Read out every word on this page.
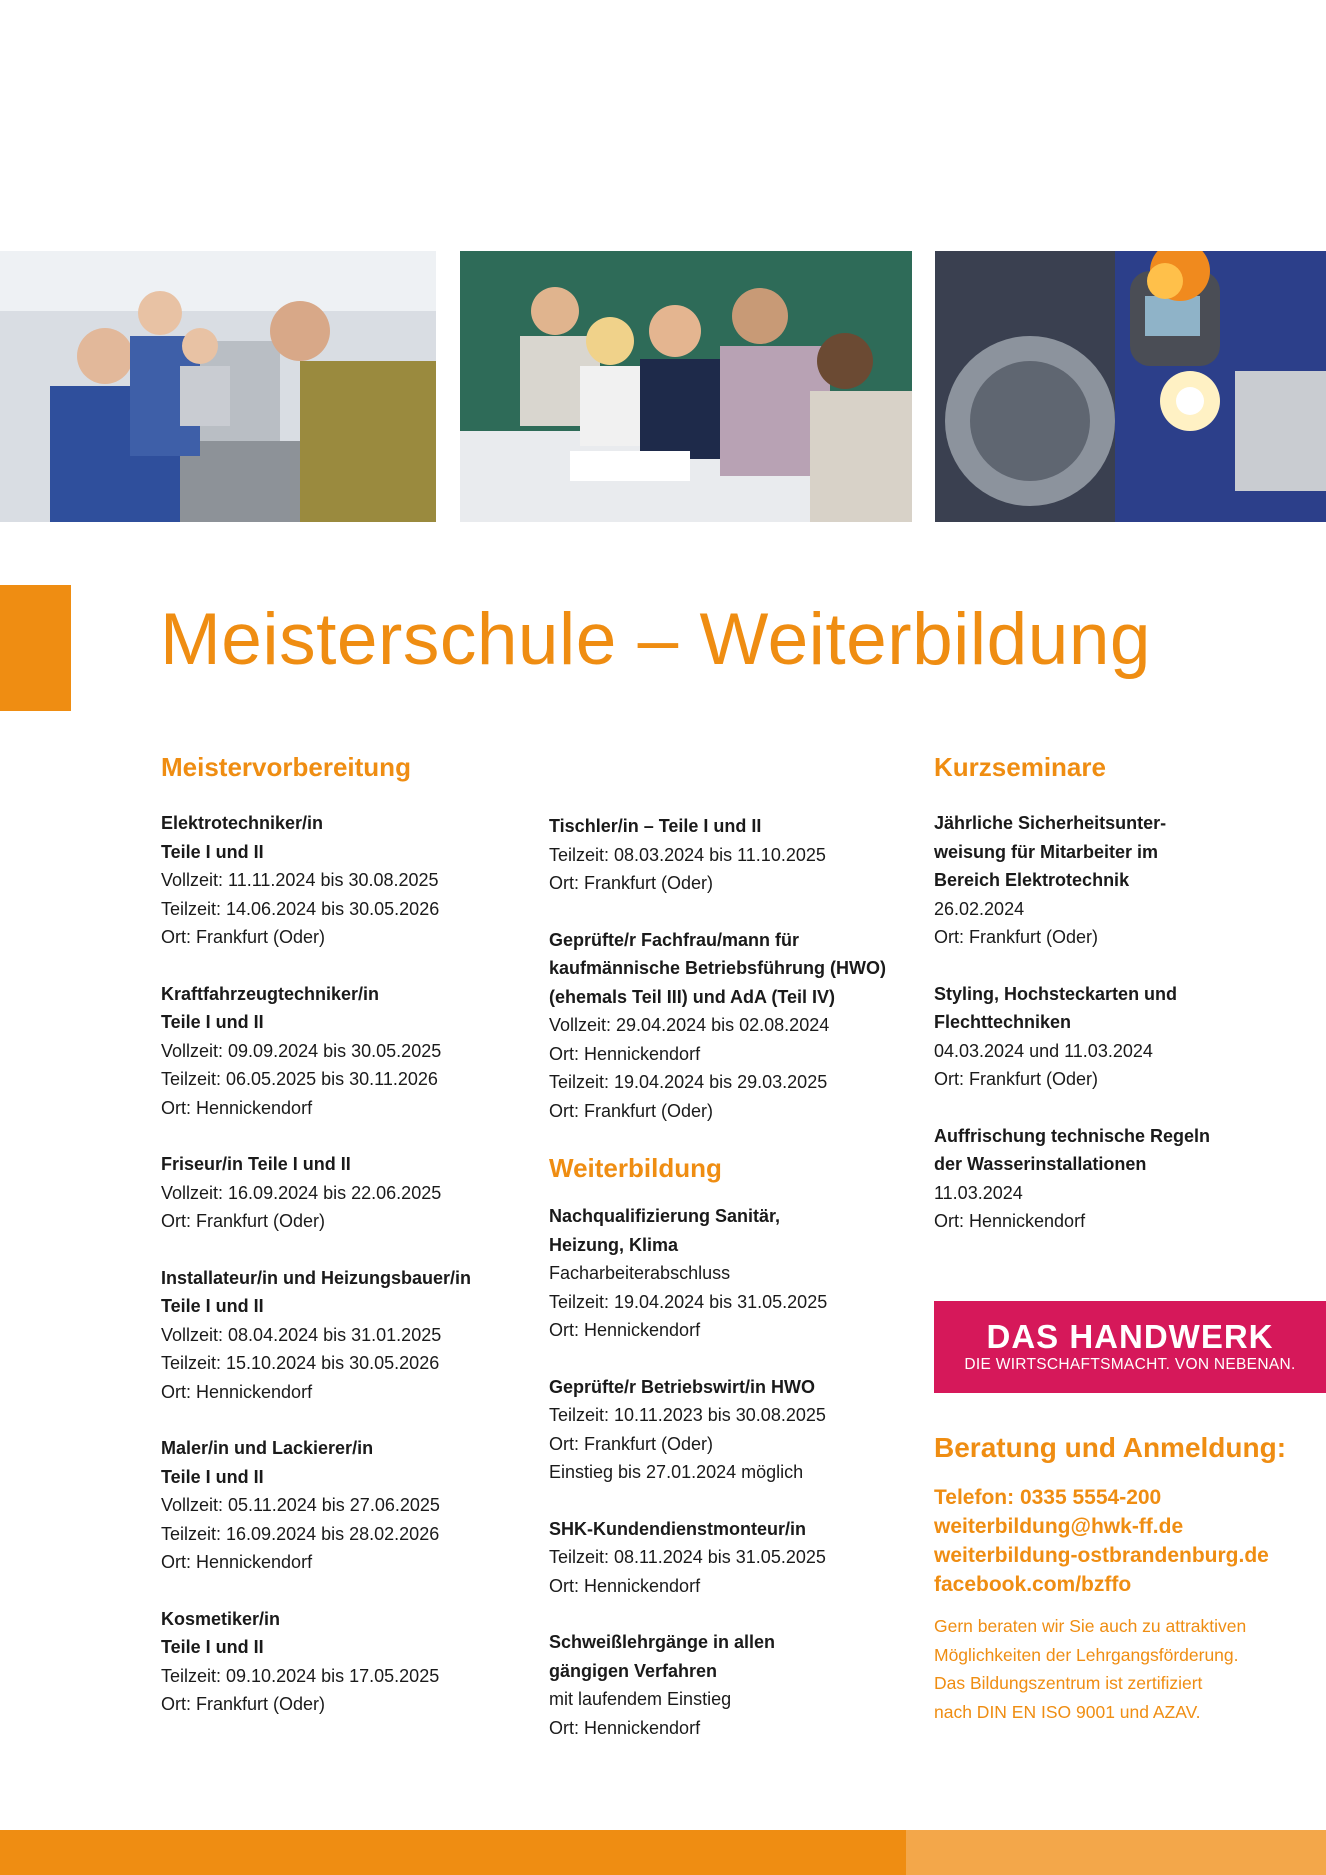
Meisterschule – Weiterbildung
Meistervorbereitung
Elektrotechniker/in
Teile I und II
Vollzeit: 11.11.2024 bis 30.08.2025
Teilzeit: 14.06.2024 bis 30.05.2026
Ort: Frankfurt (Oder)
Kraftfahrzeugtechniker/in
Teile I und II
Vollzeit: 09.09.2024 bis 30.05.2025
Teilzeit: 06.05.2025 bis 30.11.2026
Ort: Hennickendorf
Friseur/in Teile I und II
Vollzeit: 16.09.2024 bis 22.06.2025
Ort: Frankfurt (Oder)
Installateur/in und Heizungsbauer/in
Teile I und II
Vollzeit: 08.04.2024 bis 31.01.2025
Teilzeit: 15.10.2024 bis 30.05.2026
Ort: Hennickendorf
Maler/in und Lackierer/in
Teile I und II
Vollzeit: 05.11.2024 bis 27.06.2025
Teilzeit: 16.09.2024 bis 28.02.2026
Ort: Hennickendorf
Kosmetiker/in
Teile I und II
Teilzeit: 09.10.2024 bis 17.05.2025
Ort: Frankfurt (Oder)
Tischler/in – Teile I und II
Teilzeit: 08.03.2024 bis 11.10.2025
Ort: Frankfurt (Oder)
Geprüfte/r Fachfrau/mann für
kaufmännische Betriebsführung (HWO)
(ehemals Teil III) und AdA (Teil IV)
Vollzeit: 29.04.2024 bis 02.08.2024
Ort: Hennickendorf
Teilzeit: 19.04.2024 bis 29.03.2025
Ort: Frankfurt (Oder)
Weiterbildung
Nachqualifizierung Sanitär,
Heizung, Klima
Facharbeiterabschluss
Teilzeit: 19.04.2024 bis 31.05.2025
Ort: Hennickendorf
Geprüfte/r Betriebswirt/in HWO
Teilzeit: 10.11.2023 bis 30.08.2025
Ort: Frankfurt (Oder)
Einstieg bis 27.01.2024 möglich
SHK-Kundendienstmonteur/in
Teilzeit: 08.11.2024 bis 31.05.2025
Ort: Hennickendorf
Schweißlehrgänge in allen
gängigen Verfahren
mit laufendem Einstieg
Ort: Hennickendorf
Kurzseminare
Jährliche Sicherheitsunter-
weisung für Mitarbeiter im
Bereich Elektrotechnik
26.02.2024
Ort: Frankfurt (Oder)
Styling, Hochsteckarten und
Flechttechniken
04.03.2024 und 11.03.2024
Ort: Frankfurt (Oder)
Auffrischung technische Regeln
der Wasserinstallationen
11.03.2024
Ort: Hennickendorf
DAS HANDWERK
DIE WIRTSCHAFTSMACHT. VON NEBENAN.
Beratung und Anmeldung:
Telefon: 0335 5554-200
weiterbildung@hwk-ff.de
weiterbildung-ostbrandenburg.de
facebook.com/bzffo
Gern beraten wir Sie auch zu attraktiven
Möglichkeiten der Lehrgangsförderung.
Das Bildungszentrum ist zertifiziert
nach DIN EN ISO 9001 und AZAV.
